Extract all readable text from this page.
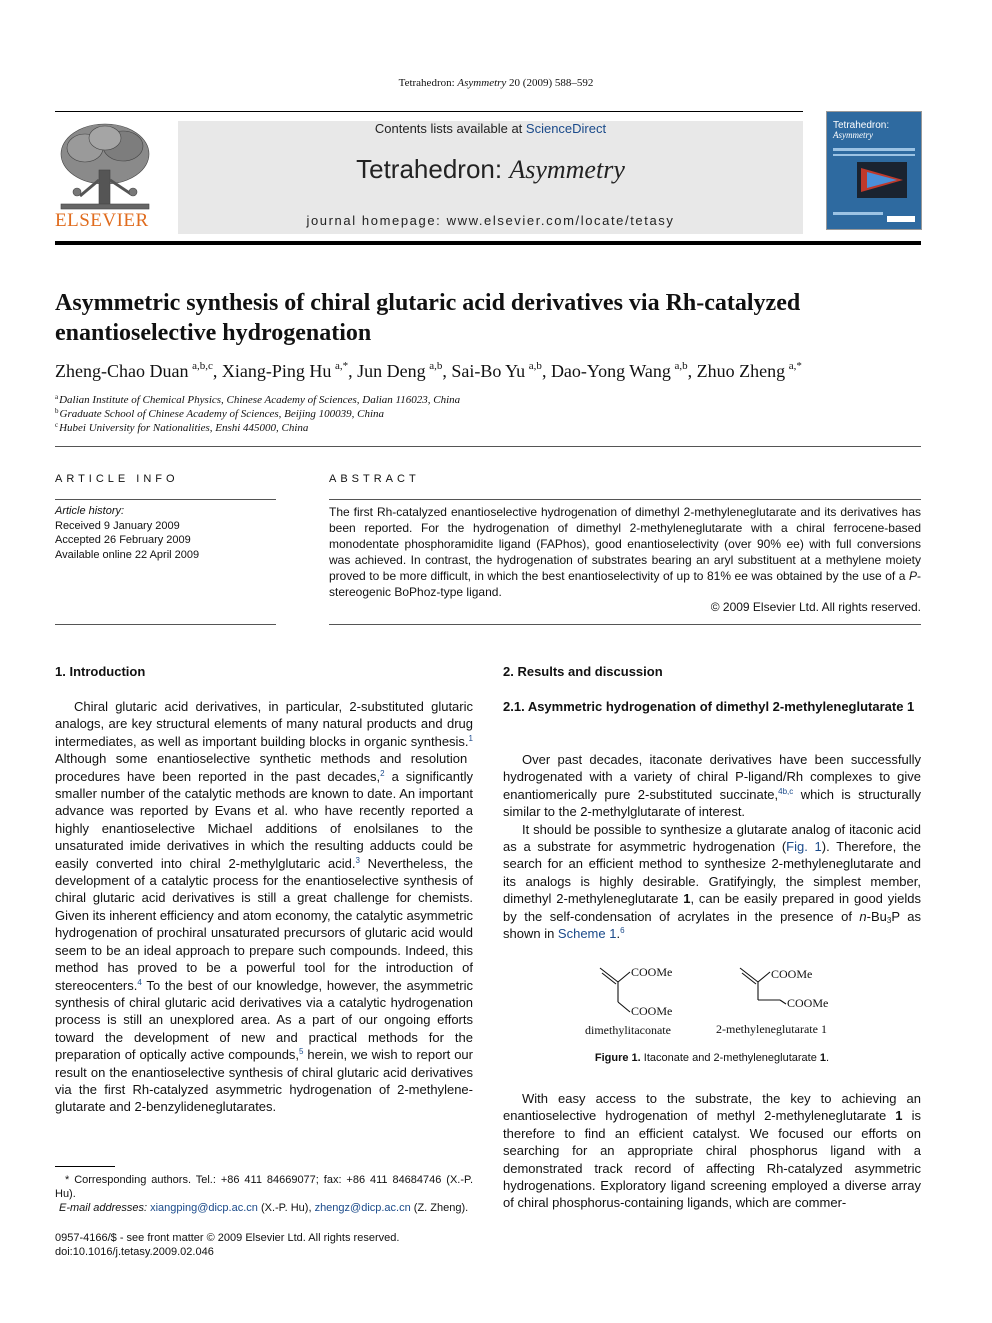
Tetrahedron: Asymmetry 20 (2009) 588–592
ELSEVIER
Contents lists available at ScienceDirect
Tetrahedron: Asymmetry
journal homepage: www.elsevier.com/locate/tetasy
Tetrahedron:
Asymmetry
Asymmetric synthesis of chiral glutaric acid derivatives via Rh-catalyzed
enantioselective hydrogenation
Zheng-Chao Duan  $^{a,b,c}$, Xiang-Ping Hu  $^{a,*}$, Jun Deng  $^{a,b}$, Sai-Bo Yu  $^{a,b}$, Dao-Yong Wang  $^{a,b}$, Zhuo Zheng  $^{a,*}$
$^a$Dalian Institute of Chemical Physics, Chinese Academy of Sciences, Dalian 116023, China
$^b$Graduate School of Chinese Academy of Sciences, Beijing 100039, China
$^c$Hubei University for Nationalities, Enshi 445000, China
ARTICLE INFO
Article history:
Received 9 January 2009
Accepted 26 February 2009
Available online 22 April 2009
ABSTRACT
The first Rh-catalyzed enantioselective hydrogenation of dimethyl 2-methyleneglutarate and its derivatives has been reported. For the hydrogenation of dimethyl 2-methyleneglutarate with a chiral ferrocene-based monodentate phosphoramidite ligand (FAPhos), good enantioselectivity (over 90% ee) with full conversions was achieved. In contrast, the hydrogenation of substrates bearing an aryl substituent at a methylene moiety proved to be more difficult, in which the best enantioselectivity of up to 81% ee was obtained by the use of a P-stereogenic BoPhoz-type ligand.
© 2009 Elsevier Ltd. All rights reserved.
1. Introduction

Chiral glutaric acid derivatives, in particular, 2-substituted glutaric analogs, are key structural elements of many natural products and drug intermediates, as well as important building blocks in organic synthesis.$^1$ Although some enantioselective synthetic methods and resolution procedures have been reported in the past decades,$^2$ a significantly smaller number of the catalytic methods are known to date. An important advance was reported by Evans et al. who have recently reported a highly enantioselective Michael additions of enolsilanes to the unsaturated imide derivatives in which the resulting adducts could be easily converted into chiral 2-methylglutaric acid.$^3$ Nevertheless, the development of a catalytic process for the enantioselective synthesis of chiral glutaric acid derivatives is still a great challenge for chemists. Given its inherent efficiency and atom economy, the catalytic asymmetric hydrogenation of prochiral unsaturated precursors of glutaric acid would seem to be an ideal approach to prepare such compounds. Indeed, this method has proved to be a powerful tool for the introduction of stereocenters.$^4$ To the best of our knowledge, however, the asymmetric synthesis of chiral glutaric acid derivatives via a catalytic hydrogenation process is still an unexplored area. As a part of our ongoing efforts toward the development of new and practical methods for the preparation of optically active compounds,$^5$ herein, we wish to report our result on the enantioselective synthesis of chiral glutaric acid derivatives via the first Rh-catalyzed asymmetric hydrogenation of 2-methylene-glutarate and 2-benzylideneglutarates.

* Corresponding authors. Tel.: +86 411 84669077; fax: +86 411 84684746 (X.-P. Hu).
E-mail addresses: xiangping@dicp.ac.cn (X.-P. Hu), zhengz@dicp.ac.cn (Z. Zheng).
0957-4166/$ - see front matter © 2009 Elsevier Ltd. All rights reserved.
doi:10.1016/j.tetasy.2009.02.046
2. Results and discussion
2.1. Asymmetric hydrogenation of dimethyl 2-methyleneglutarate 1

Over past decades, itaconate derivatives have been successfully hydrogenated with a variety of chiral P-ligand/Rh complexes to give enantiomerically pure 2-substituted succinate,$^{4b,c}$ which is structurally similar to the 2-methylglutarate of interest.

It should be possible to synthesize a glutarate analog of itaconic acid as a substrate for asymmetric hydrogenation (Fig. 1). Therefore, the search for an efficient method to synthesize 2-methyleneglutarate and its analogs is highly desirable. Gratifyingly, the simplest member, dimethyl 2-methyleneglutarate 1, can be easily prepared in good yields by the self-condensation of acrylates in the presence of $n-Bu_3P$ as shown in Scheme 1.$^6$

COOMe
COOMe
COOMe
COOMe
dimethylitaconate	2-methyleneglutarate 1
Figure 1. Itaconate and 2-methyleneglutarate 1.

With easy access to the substrate, the key to achieving an enantioselective hydrogenation of methyl 2-methyleneglutarate 1 is therefore to find an efficient catalyst. We focused our efforts on searching for an appropriate chiral phosphorus ligand with a demonstrated track record of affecting Rh-catalyzed asymmetric hydrogenations. Exploratory ligand screening employed a diverse array of chiral phosphorus-containing ligands, which are commer-
